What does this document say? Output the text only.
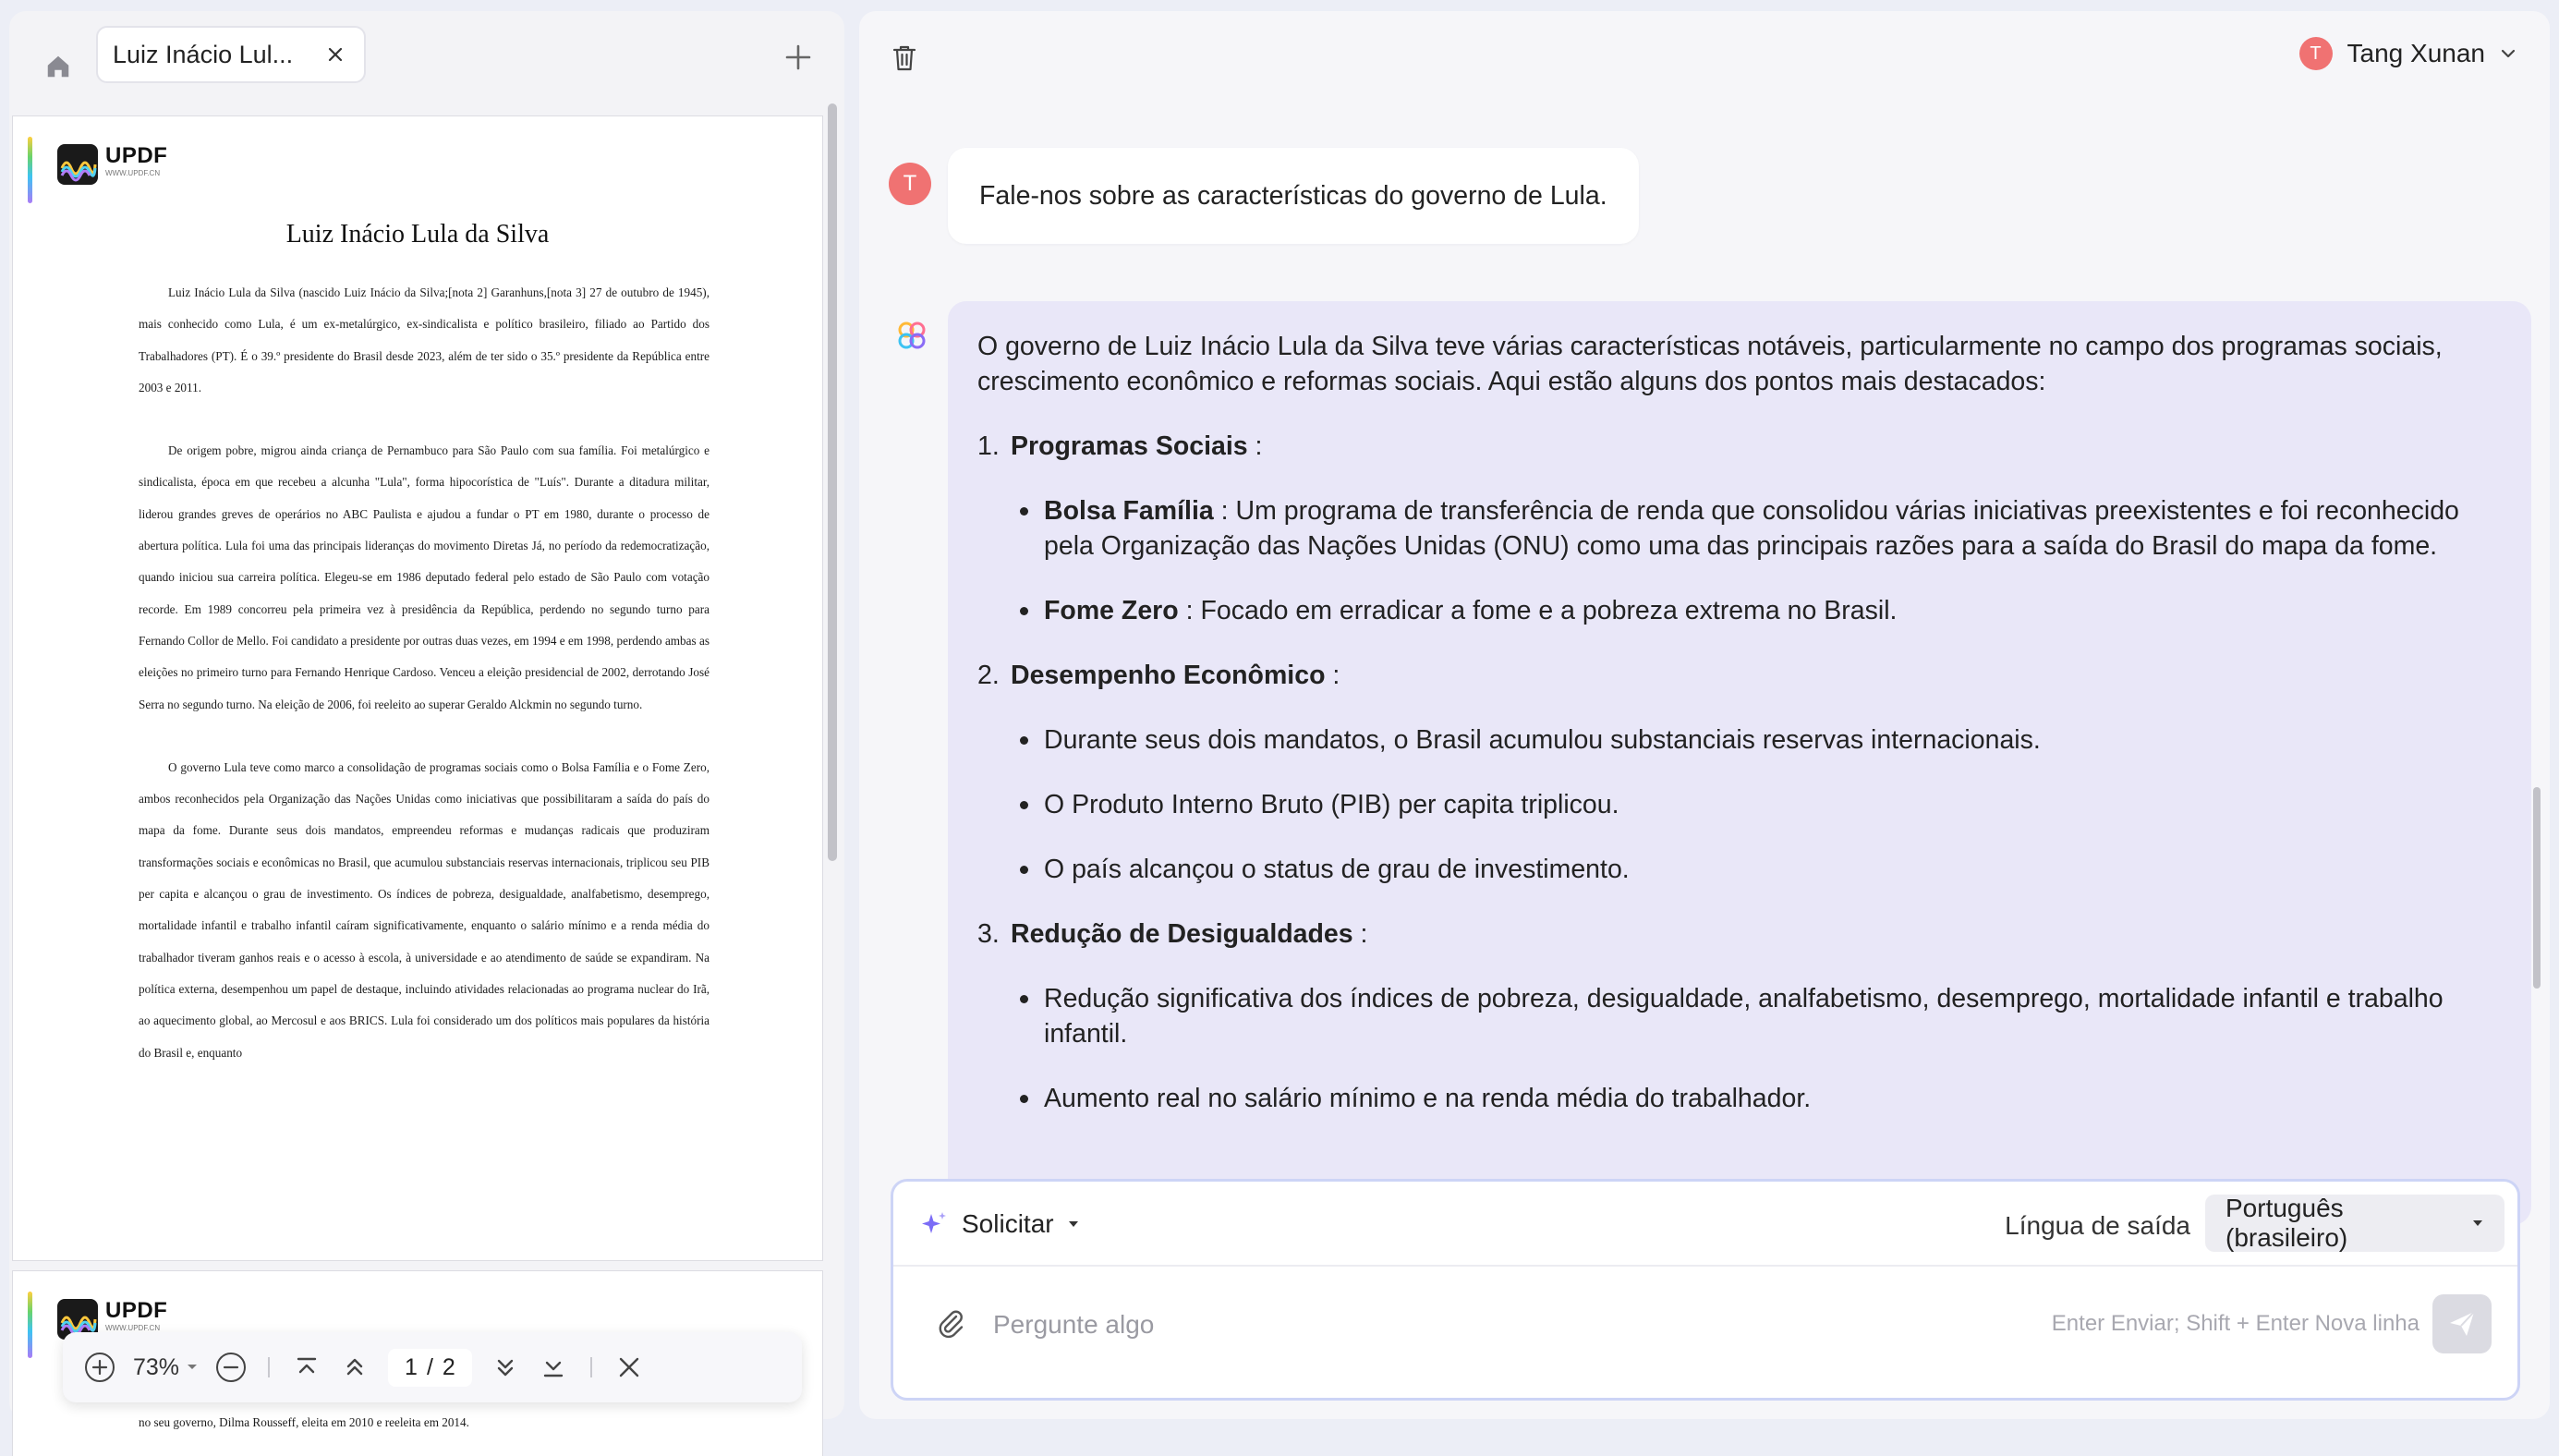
Luiz Inácio Lul...
UPDF
WWW.UPDF.CN
Luiz Inácio Lula da Silva

Luiz Inácio Lula da Silva (nascido Luiz Inácio da Silva;[nota 2] Garanhuns,[nota 3] 27 de outubro de 1945), mais conhecido como Lula, é um ex-metalúrgico, ex-sindicalista e político brasileiro, filiado ao Partido dos Trabalhadores (PT). É o 39.º presidente do Brasil desde 2023, além de ter sido o 35.º presidente da República entre 2003 e 2011.

De origem pobre, migrou ainda criança de Pernambuco para São Paulo com sua família. Foi metalúrgico e sindicalista, época em que recebeu a alcunha "Lula", forma hipocorística de "Luís". Durante a ditadura militar, liderou grandes greves de operários no ABC Paulista e ajudou a fundar o PT em 1980, durante o processo de abertura política. Lula foi uma das principais lideranças do movimento Diretas Já, no período da redemocratização, quando iniciou sua carreira política. Elegeu-se em 1986 deputado federal pelo estado de São Paulo com votação recorde. Em 1989 concorreu pela primeira vez à presidência da República, perdendo no segundo turno para Fernando Collor de Mello. Foi candidato a presidente por outras duas vezes, em 1994 e em 1998, perdendo ambas as eleições no primeiro turno para Fernando Henrique Cardoso. Venceu a eleição presidencial de 2002, derrotando José Serra no segundo turno. Na eleição de 2006, foi reeleito ao superar Geraldo Alckmin no segundo turno.

O governo Lula teve como marco a consolidação de programas sociais como o Bolsa Família e o Fome Zero, ambos reconhecidos pela Organização das Nações Unidas como iniciativas que possibilitaram a saída do país do mapa da fome. Durante seus dois mandatos, empreendeu reformas e mudanças radicais que produziram transformações sociais e econômicas no Brasil, que acumulou substanciais reservas internacionais, triplicou seu PIB per capita e alcançou o grau de investimento. Os índices de pobreza, desigualdade, analfabetismo, desemprego, mortalidade infantil e trabalho infantil caíram significativamente, enquanto o salário mínimo e a renda média do trabalhador tiveram ganhos reais e o acesso à escola, à universidade e ao atendimento de saúde se expandiram. Na política externa, desempenhou um papel de destaque, incluindo atividades relacionadas ao programa nuclear do Irã, ao aquecimento global, ao Mercosul e aos BRICS. Lula foi considerado um dos políticos mais populares da história do Brasil e, enquanto

UPDF
WWW.UPDF.CN
no seu governo, Dilma Rousseff, eleita em 2010 e reeleita em 2014.
73%	1 / 2
T Tang Xunan
T	Fale-nos sobre as características do governo de Lula.

O governo de Luiz Inácio Lula da Silva teve várias características notáveis, particularmente no campo dos programas sociais, crescimento econômico e reformas sociais. Aqui estão alguns dos pontos mais destacados:

1. Programas Sociais :
Bolsa Família : Um programa de transferência de renda que consolidou várias iniciativas preexistentes e foi reconhecido pela Organização das Nações Unidas (ONU) como uma das principais razões para a saída do Brasil do mapa da fome.
Fome Zero : Focado em erradicar a fome e a pobreza extrema no Brasil.
2. Desempenho Econômico :
Durante seus dois mandatos, o Brasil acumulou substanciais reservas internacionais.
O Produto Interno Bruto (PIB) per capita triplicou.
O país alcançou o status de grau de investimento.
3. Redução de Desigualdades :
Redução significativa dos índices de pobreza, desigualdade, analfabetismo, desemprego, mortalidade infantil e trabalho infantil.
Aumento real no salário mínimo e na renda média do trabalhador.
Solicitar	Língua de saída
Português (brasileiro)
Pergunte algo
Enter Enviar; Shift + Enter Nova linha
